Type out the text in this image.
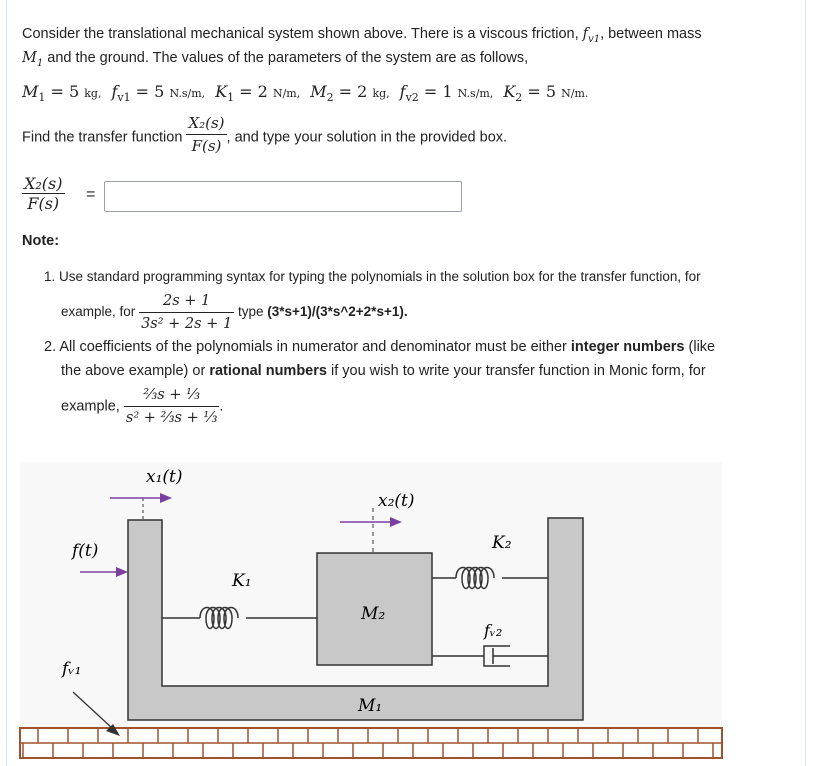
Consider the translational mechanical system shown above. There is a viscous friction, $f_{v1}$, between mass
$M_1$ and the ground. The values of the parameters of the system are as follows,
$M_1 = 5$ kg, $f_{v1} = 5$ N.s/m, $K_1 = 2$ N/m, $M_2 = 2$ kg, $f_{v2} = 1$ N.s/m, $K_2 = 5$ N/m.
Find the transfer function $\frac{\text{X₂(s)}}{F(s)}$ , and type your solution in the provided box.
$\frac{\text{X₂(s)}}{F(s)}$ =
Note:
1. Use standard programming syntax for typing the polynomials in the solution box for the transfer function, for
example, for $\frac{2s + 1}{\text{3s² + 2s + 1}}$ type (3*s+1)/(3*s^2+2*s+1).
2. All coefficients of the polynomials in numerator and denominator must be either integer numbers (like
the above example) or rational numbers if you wish to write your transfer function in Monic form, for
example, $\frac{\text{⅔s + ⅓}}{\text{s² + ⅔s + ⅓}}$ .
x₁(t)
x₂(t)
f(t)
K₁
K₂
M₂
M₁
fᵥ₁
fᵥ₂
